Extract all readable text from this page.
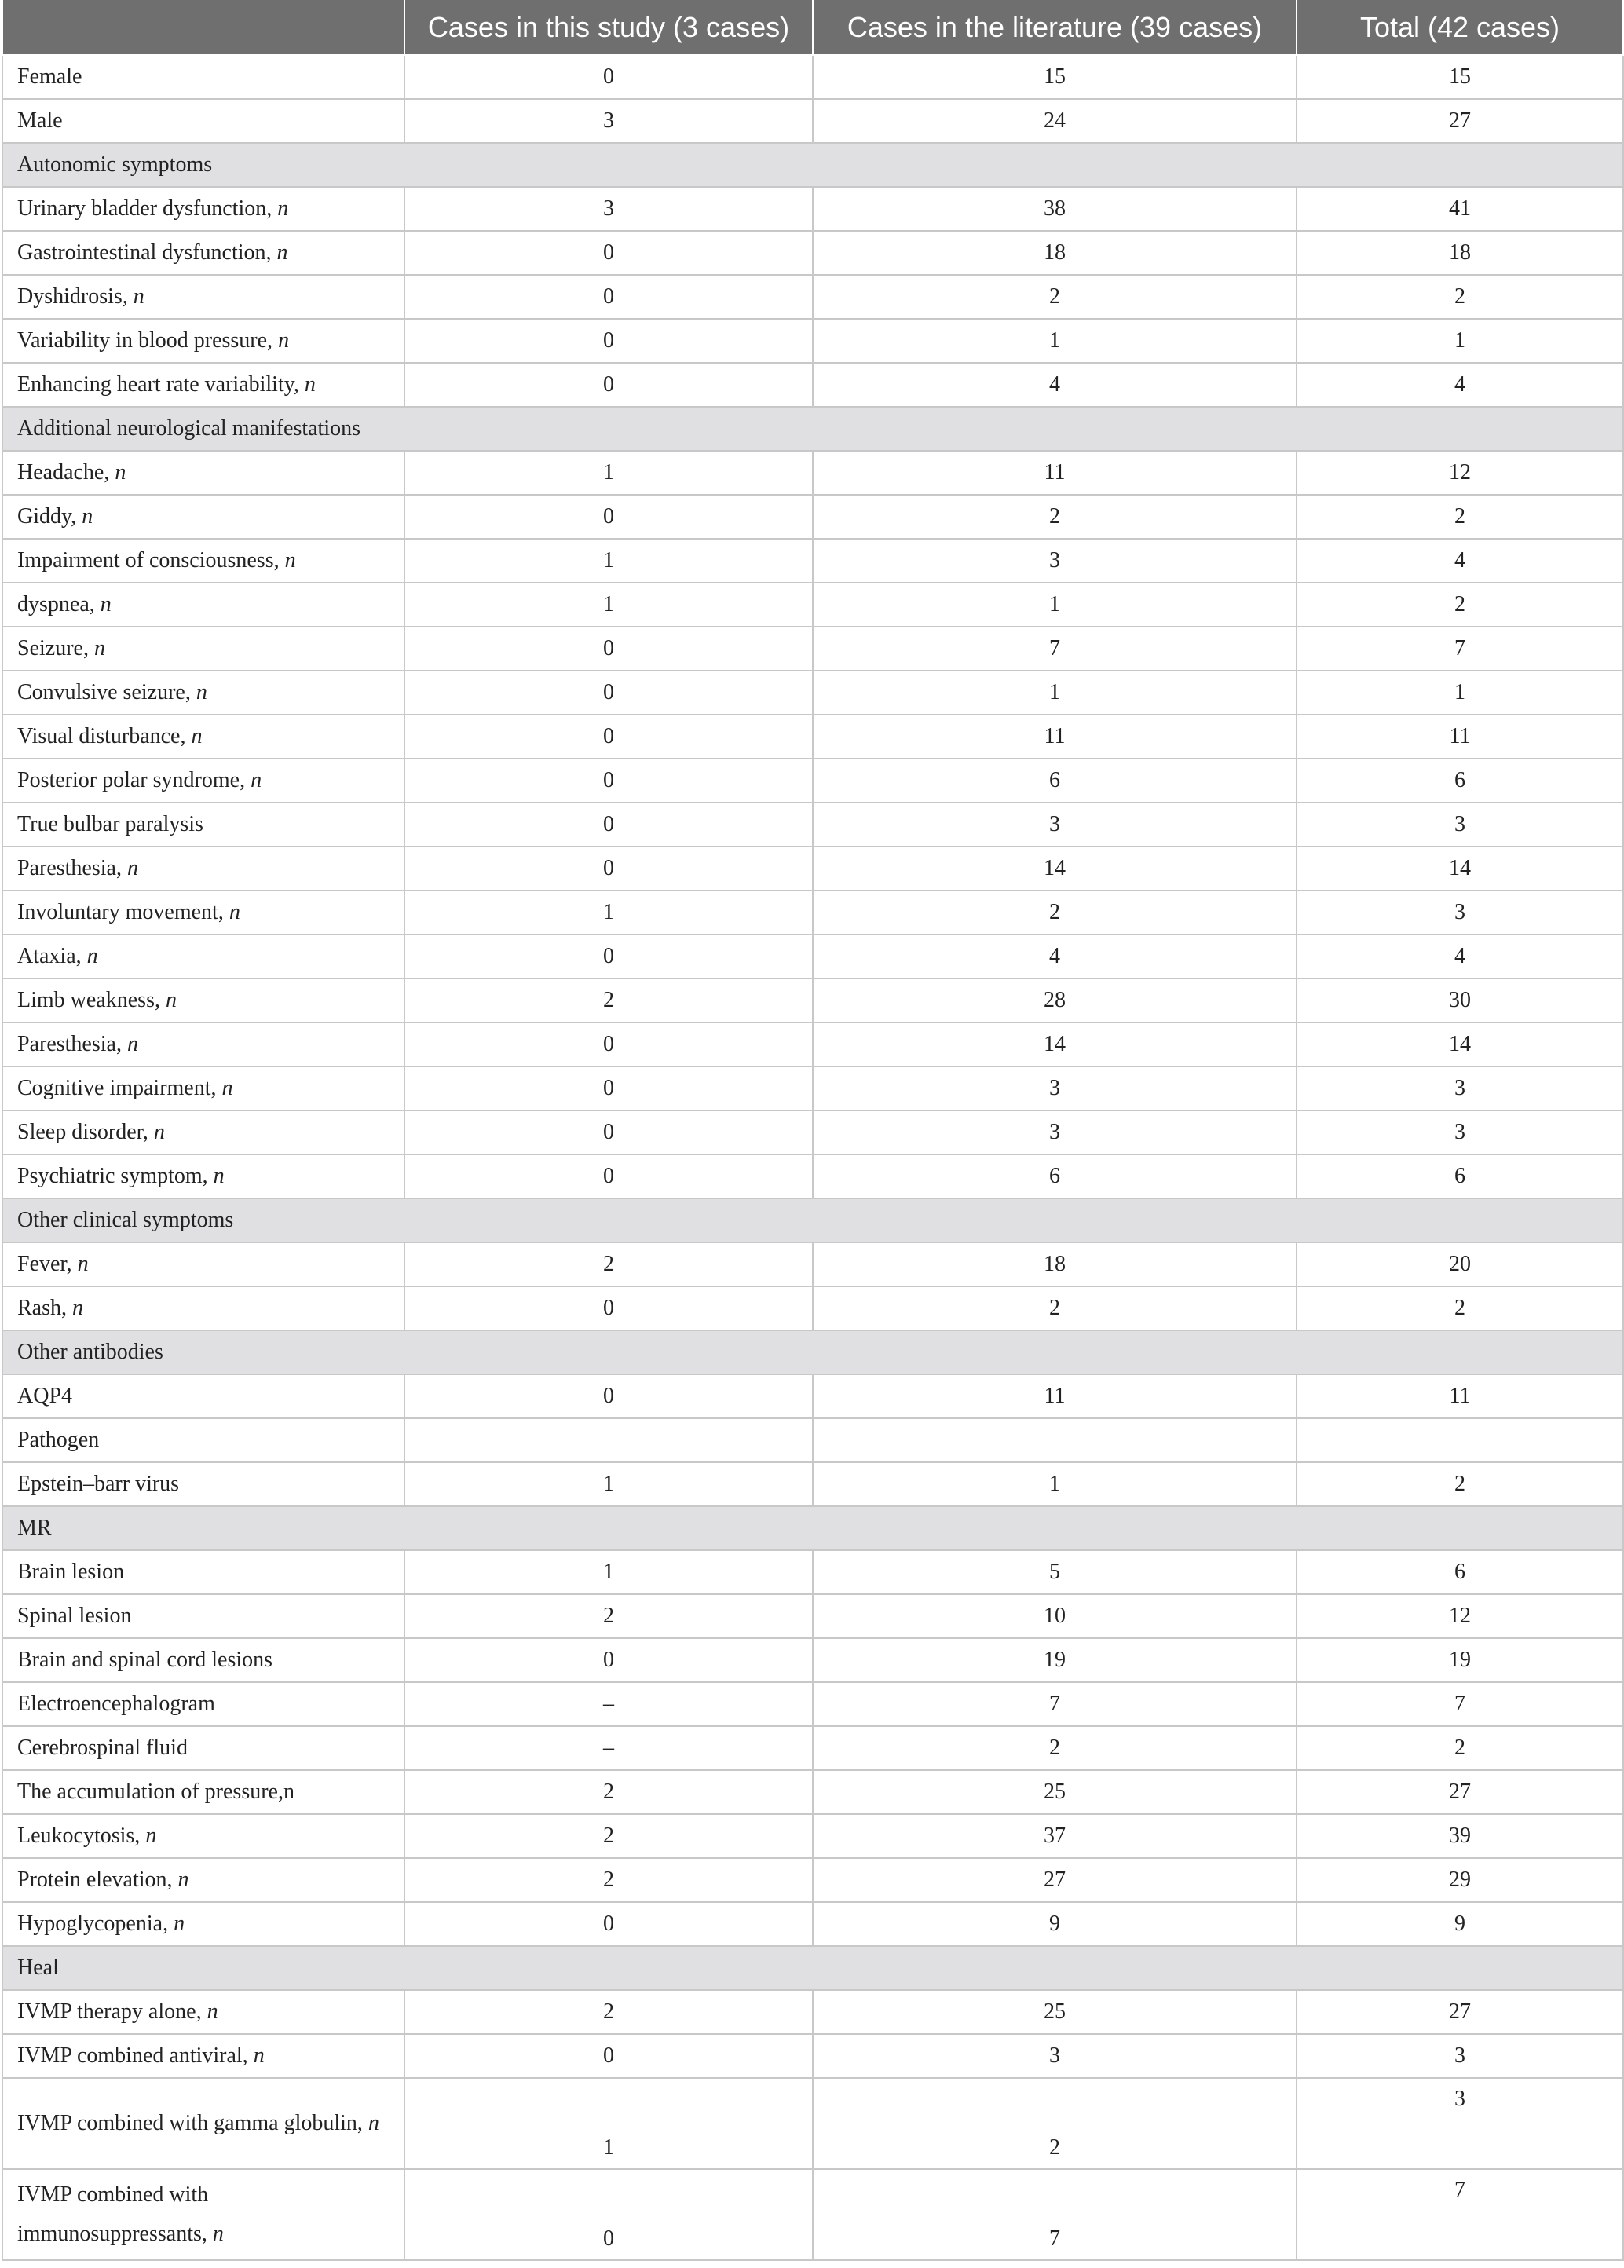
	Cases in this study (3 cases)	Cases in the literature (39 cases)	Total (42 cases)
Female	0	15	15
Male	3	24	27
Autonomic symptoms			
Urinary bladder dysfunction, n	3	38	41
Gastrointestinal dysfunction, n	0	18	18
Dyshidrosis, n	0	2	2
Variability in blood pressure, n	0	1	1
Enhancing heart rate variability, n	0	4	4
Additional neurological manifestations			
Headache, n	1	11	12
Giddy, n	0	2	2
Impairment of consciousness, n	1	3	4
dyspnea, n	1	1	2
Seizure, n	0	7	7
Convulsive seizure, n	0	1	1
Visual disturbance, n	0	11	11
Posterior polar syndrome, n	0	6	6
True bulbar paralysis	0	3	3
Paresthesia, n	0	14	14
Involuntary movement, n	1	2	3
Ataxia, n	0	4	4
Limb weakness, n	2	28	30
Paresthesia, n	0	14	14
Cognitive impairment, n	0	3	3
Sleep disorder, n	0	3	3
Psychiatric symptom, n	0	6	6
Other clinical symptoms			
Fever, n	2	18	20
Rash, n	0	2	2
Other antibodies			
AQP4	0	11	11
Pathogen			
Epstein–barr virus	1	1	2
MR			
Brain lesion	1	5	6
Spinal lesion	2	10	12
Brain and spinal cord lesions	0	19	19
Electroencephalogram	–	7	7
Cerebrospinal fluid	–	2	2
The accumulation of pressure,n	2	25	27
Leukocytosis, n	2	37	39
Protein elevation, n	2	27	29
Hypoglycopenia, n	0	9	9
Heal			
IVMP therapy alone, n	2	25	27
IVMP combined antiviral, n	0	3	3
IVMP combined with gamma globulin, n	1	2	3
IVMP combined with immunosuppressants, n	0	7	7
